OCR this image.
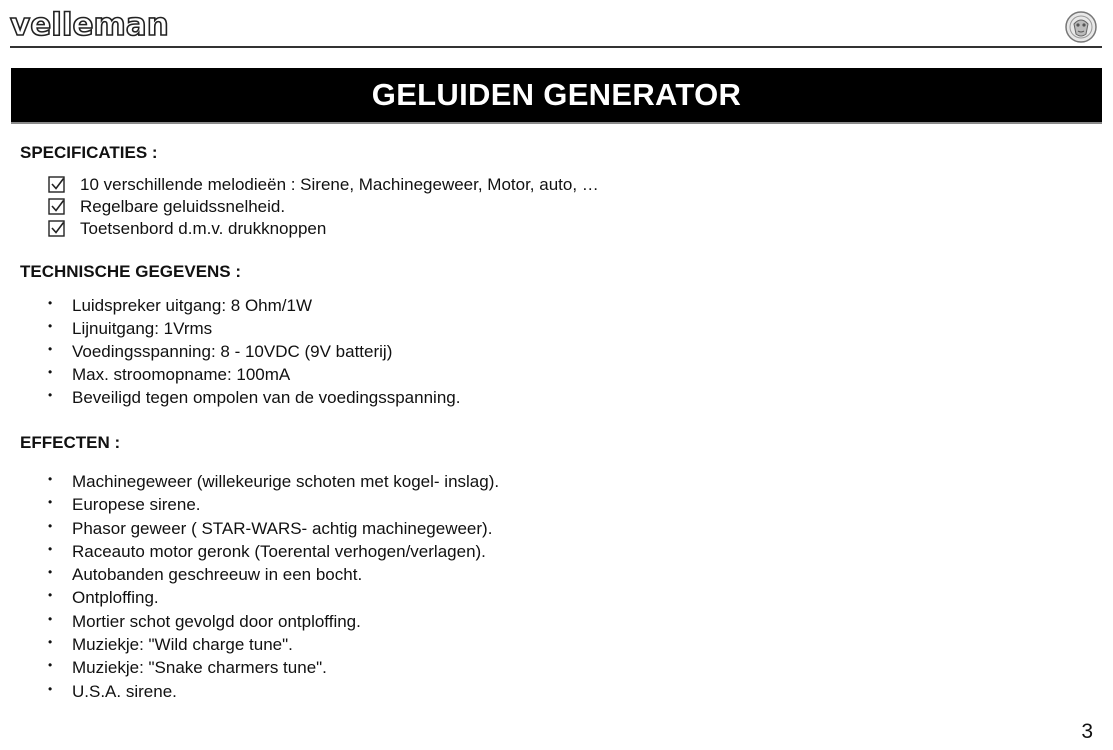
velleman
GELUIDEN GENERATOR
SPECIFICATIES :
10 verschillende melodieën : Sirene, Machinegeweer, Motor, auto, …
Regelbare geluidssnelheid.
Toetsenbord d.m.v. drukknoppen
TECHNISCHE GEGEVENS :
• Luidspreker uitgang: 8 Ohm/1W
• Lijnuitgang: 1Vrms
• Voedingsspanning: 8 - 10VDC (9V batterij)
• Max. stroomopname: 100mA
• Beveiligd tegen ompolen van de voedingsspanning.
EFFECTEN :
• Machinegeweer (willekeurige schoten met kogel- inslag).
• Europese sirene.
• Phasor geweer ( STAR-WARS- achtig machinegeweer).
• Raceauto motor geronk (Toerental verhogen/verlagen).
• Autobanden geschreeuw in een bocht.
• Ontploffing.
• Mortier schot gevolgd door ontploffing.
• Muziekje: "Wild charge tune".
• Muziekje: "Snake charmers tune".
• U.S.A. sirene.
3
